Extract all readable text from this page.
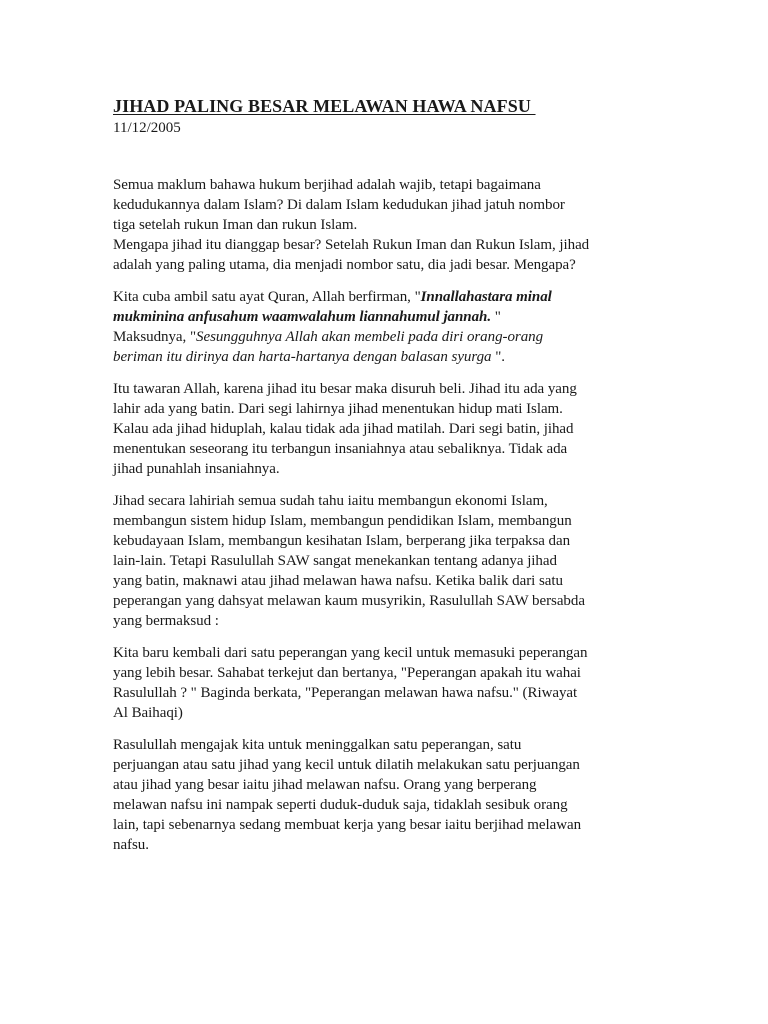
JIHAD PALING BESAR MELAWAN HAWA NAFSU
11/12/2005

Semua maklum bahawa hukum berjihad adalah wajib, tetapi bagaimana
kedudukannya dalam Islam? Di dalam Islam kedudukan jihad jatuh nombor
tiga setelah rukun Iman dan rukun Islam.
Mengapa jihad itu dianggap besar? Setelah Rukun Iman dan Rukun Islam, jihad
adalah yang paling utama, dia menjadi nombor satu, dia jadi besar. Mengapa?

Kita cuba ambil satu ayat Quran, Allah berfirman, "Innallahastara minal
mukminina anfusahum waamwalahum liannahumul jannah. "
Maksudnya, "Sesungguhnya Allah akan membeli pada diri orang-orang
beriman itu dirinya dan harta-hartanya dengan balasan syurga ".

Itu tawaran Allah, karena jihad itu besar maka disuruh beli. Jihad itu ada yang
lahir ada yang batin. Dari segi lahirnya jihad menentukan hidup mati Islam.
Kalau ada jihad hiduplah, kalau tidak ada jihad matilah. Dari segi batin, jihad
menentukan seseorang itu terbangun insaniahnya atau sebaliknya. Tidak ada
jihad punahlah insaniahnya.

Jihad secara lahiriah semua sudah tahu iaitu membangun ekonomi Islam,
membangun sistem hidup Islam, membangun pendidikan Islam, membangun
kebudayaan Islam, membangun kesihatan Islam, berperang jika terpaksa dan
lain-lain. Tetapi Rasulullah SAW sangat menekankan tentang adanya jihad
yang batin, maknawi atau jihad melawan hawa nafsu. Ketika balik dari satu
peperangan yang dahsyat melawan kaum musyrikin, Rasulullah SAW bersabda
yang bermaksud :

Kita baru kembali dari satu peperangan yang kecil untuk memasuki peperangan
yang lebih besar. Sahabat terkejut dan bertanya, "Peperangan apakah itu wahai
Rasulullah ? " Baginda berkata, "Peperangan melawan hawa nafsu." (Riwayat
Al Baihaqi)

Rasulullah mengajak kita untuk meninggalkan satu peperangan, satu
perjuangan atau satu jihad yang kecil untuk dilatih melakukan satu perjuangan
atau jihad yang besar iaitu jihad melawan nafsu. Orang yang berperang
melawan nafsu ini nampak seperti duduk-duduk saja, tidaklah sesibuk orang
lain, tapi sebenarnya sedang membuat kerja yang besar iaitu berjihad melawan
nafsu.
